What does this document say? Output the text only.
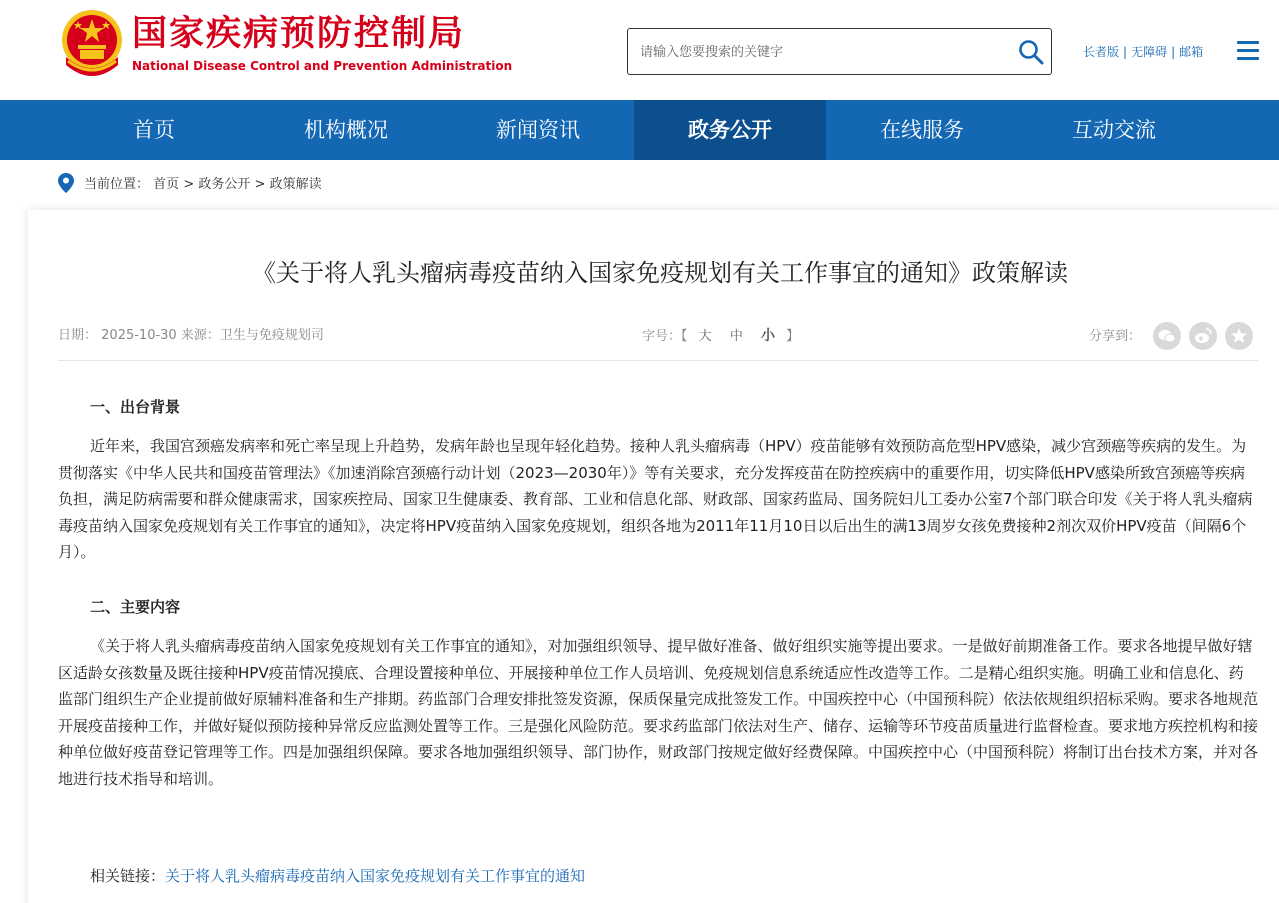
国家疾病预防控制局
National Disease Control and Prevention Administration
请输入您要搜索的关键字
长者版 | 无障碍 | 邮箱
首页	机构概况	新闻资讯	政务公开	在线服务	互动交流
当前位置： 首页 > 政务公开 > 政策解读
《关于将人乳头瘤病毒疫苗纳入国家免疫规划有关工作事宜的通知》政策解读
日期： 2025-10-30 来源：卫生与免疫规划司	字号：【 大 中 小 】	分享到：
一、出台背景
近年来，我国宫颈癌发病率和死亡率呈现上升趋势，发病年龄也呈现年轻化趋势。接种人乳头瘤病毒（HPV）疫苗能够有效预防高危型HPV感染，减少宫颈癌等疾病的发生。为贯彻落实《中华人民共和国疫苗管理法》《加速消除宫颈癌行动计划（2023—2030年）》等有关要求，充分发挥疫苗在防控疾病中的重要作用，切实降低HPV感染所致宫颈癌等疾病负担，满足防病需要和群众健康需求，国家疾控局、国家卫生健康委、教育部、工业和信息化部、财政部、国家药监局、国务院妇儿工委办公室7个部门联合印发《关于将人乳头瘤病毒疫苗纳入国家免疫规划有关工作事宜的通知》，决定将HPV疫苗纳入国家免疫规划，组织各地为2011年11月10日以后出生的满13周岁女孩免费接种2剂次双价HPV疫苗（间隔6个月）。
二、主要内容
《关于将人乳头瘤病毒疫苗纳入国家免疫规划有关工作事宜的通知》，对加强组织领导、提早做好准备、做好组织实施等提出要求。一是做好前期准备工作。要求各地提早做好辖区适龄女孩数量及既往接种HPV疫苗情况摸底、合理设置接种单位、开展接种单位工作人员培训、免疫规划信息系统适应性改造等工作。二是精心组织实施。明确工业和信息化、药监部门组织生产企业提前做好原辅料准备和生产排期。药监部门合理安排批签发资源，保质保量完成批签发工作。中国疾控中心（中国预科院）依法依规组织招标采购。要求各地规范开展疫苗接种工作，并做好疑似预防接种异常反应监测处置等工作。三是强化风险防范。要求药监部门依法对生产、储存、运输等环节疫苗质量进行监督检查。要求地方疾控机构和接种单位做好疫苗登记管理等工作。四是加强组织保障。要求各地加强组织领导、部门协作，财政部门按规定做好经费保障。中国疾控中心（中国预科院）将制订出台技术方案，并对各地进行技术指导和培训。
相关链接：关于将人乳头瘤病毒疫苗纳入国家免疫规划有关工作事宜的通知
